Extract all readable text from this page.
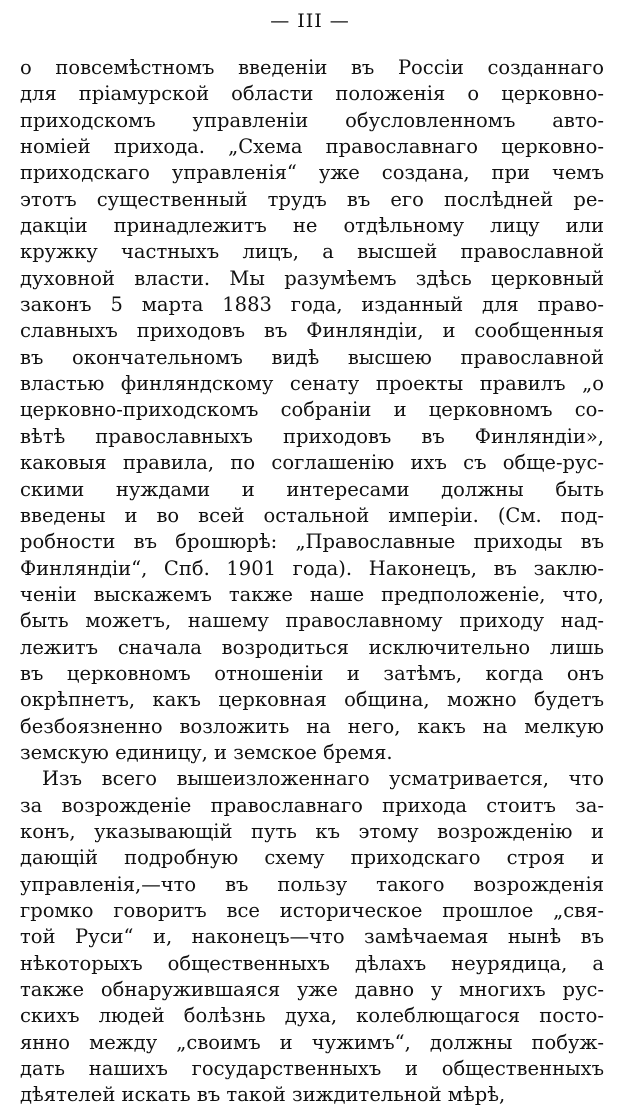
— III —
о повсемѣстномъ введенiи въ Россiи созданнаго
для прiамурской области положенiя о церковно-
приходскомъ управленiи обусловленномъ авто-
номiей прихода. „Схема православнаго церковно-
приходскаго управленiя“ уже создана, при чемъ
этотъ существенный трудъ въ его послѣдней ре-
дакцiи принадлежитъ не отдѣльному лицу или
кружку частныхъ лицъ, а высшей православной
духовной власти. Мы разумѣемъ здѣсь церковный
законъ 5 марта 1883 года, изданный для право-
славныхъ приходовъ въ Финляндiи, и сообщенныя
въ окончательномъ видѣ высшею православной
властью финляндскому сенату проекты правилъ „о
церковно-приходскомъ собранiи и церковномъ со-
вѣтѣ православныхъ приходовъ въ Финляндiи»,
каковыя правила, по соглашенiю ихъ съ обще-рус-
скими нуждами и интересами должны быть
введены и во всей остальной имперiи. (См. под-
робности въ брошюрѣ: „Православные приходы въ
Финляндiи“, Спб. 1901 года). Наконецъ, въ заклю-
ченiи выскажемъ также наше предположенiе, что,
быть можетъ, нашему православному приходу над-
лежитъ сначала возродиться исключительно лишь
въ церковномъ отношенiи и затѣмъ, когда онъ
окрѣпнетъ, какъ церковная община, можно будетъ
безбоязненно возложить на него, какъ на мелкую
земскую единицу, и земское бремя.
Изъ всего вышеизложеннаго усматривается, что
за возрожденiе православнаго прихода стоитъ за-
конъ, указывающiй путь къ этому возрожденiю и
дающiй подробную схему приходскаго строя и
управленiя,—что въ пользу такого возрожденiя
громко говоритъ все историческое прошлое „свя-
той Руси“ и, наконецъ—что замѣчаемая нынѣ въ
нѣкоторыхъ общественныхъ дѣлахъ неурядица, а
также обнаружившаяся уже давно у многихъ рус-
скихъ людей болѣзнь духа, колеблющагося посто-
янно между „своимъ и чужимъ“, должны побуж-
дать нашихъ государственныхъ и общественныхъ
дѣятелей искать въ такой зиждительной мѣрѣ,
